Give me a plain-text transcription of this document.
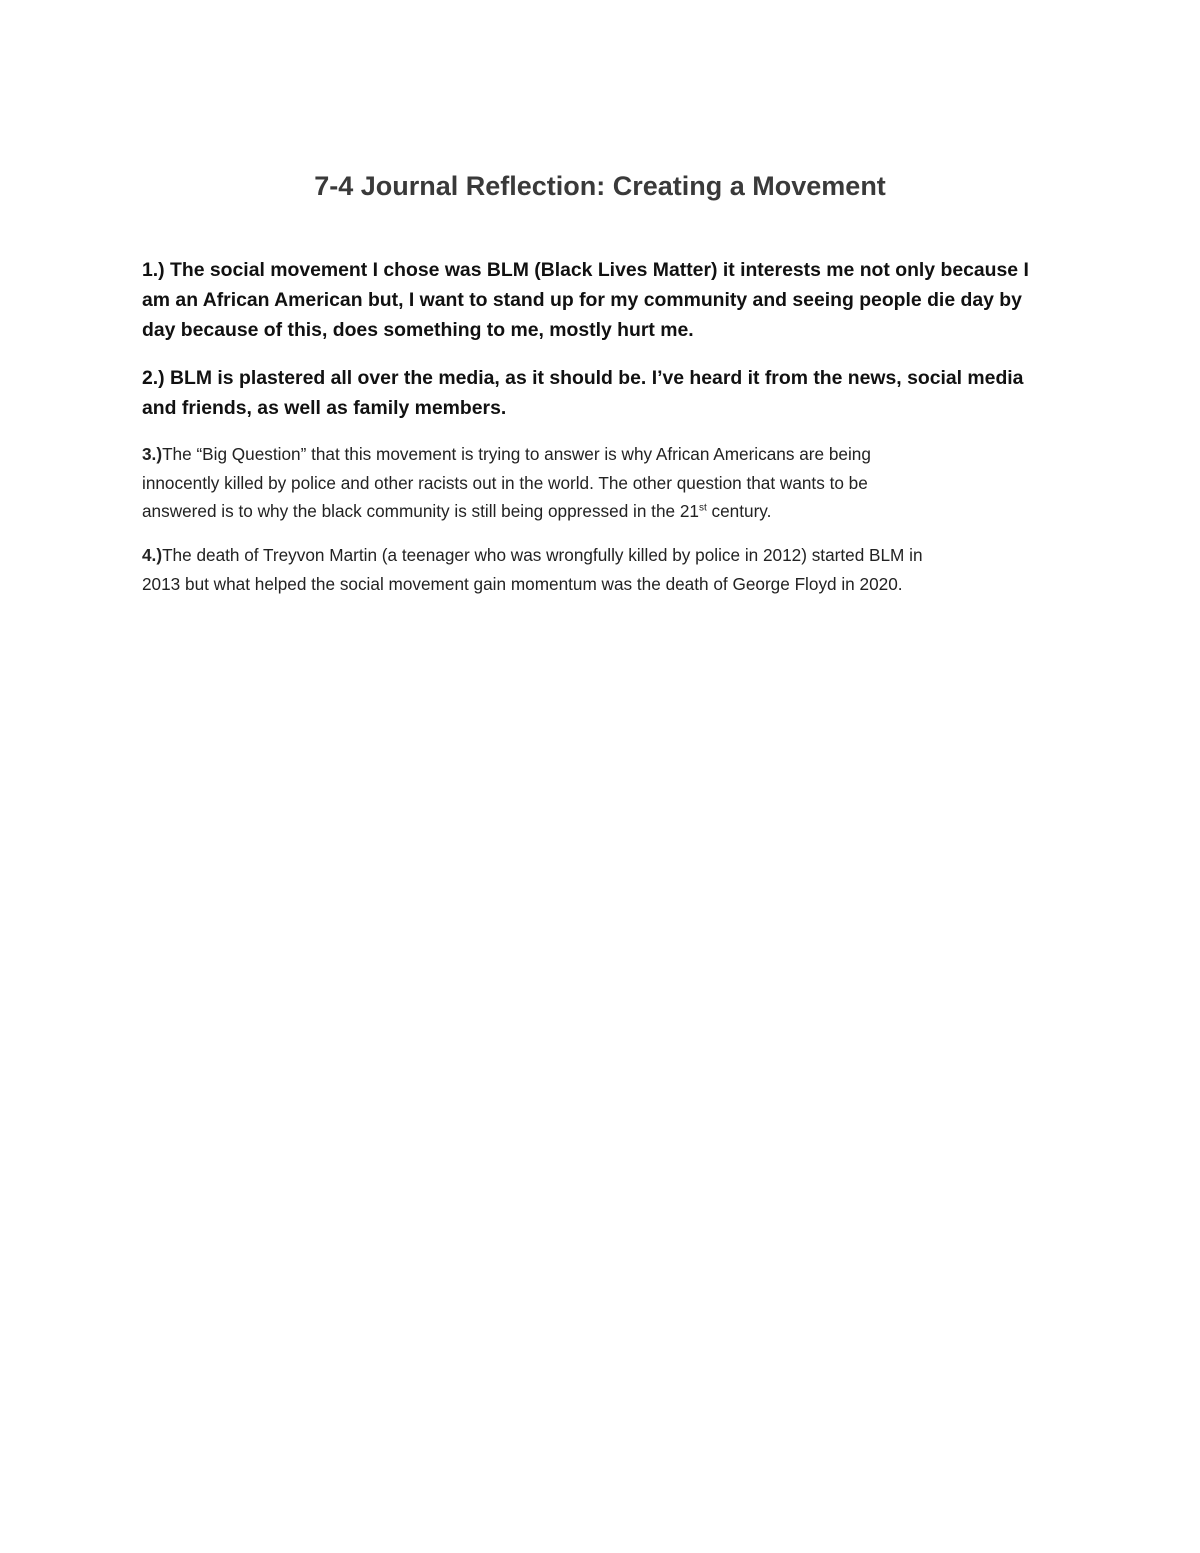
7-4 Journal Reflection: Creating a Movement
1.) The social movement I chose was BLM (Black Lives Matter) it interests me not only because I
am an African American but, I want to stand up for my community and seeing people die day by
day because of this, does something to me, mostly hurt me.
2.) BLM is plastered all over the media, as it should be. I’ve heard it from the news, social media
and friends, as well as family members.
3.)The “Big Question” that this movement is trying to answer is why African Americans are being
innocently killed by police and other racists out in the world. The other question that wants to be
answered is to why the black community is still being oppressed in the 21st century.
4.)The death of Treyvon Martin (a teenager who was wrongfully killed by police in 2012) started BLM in
2013 but what helped the social movement gain momentum was the death of George Floyd in 2020.
